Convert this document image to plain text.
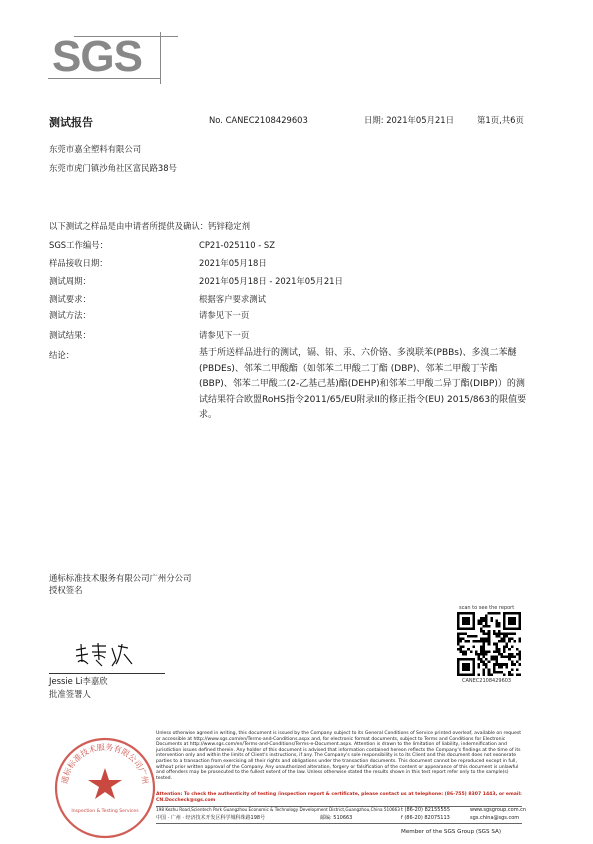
SGS
测试报告	No. CANEC2108429603	日期: 2021年05月21日	第1页,共6页
东莞市嘉全塑料有限公司
东莞市虎门镇沙角社区富民路38号
以下测试之样品是由申请者所提供及确认：钙锌稳定剂
SGS工作编号：	CP21-025110 - SZ
样品接收日期：	2021年05月18日
测试周期：	2021年05月18日 - 2021年05月21日
测试要求：	根据客户要求测试
测试方法：	请参见下一页
测试结果：	请参见下一页
结论：	基于所送样品进行的测试，镉、铅、汞、六价铬、多溴联苯(PBBs)、多溴二苯醚(PBDEs)、邻苯二甲酸酯（如邻苯二甲酸二丁酯 (DBP)、邻苯二甲酸丁苄酯(BBP)、邻苯二甲酸二(2-乙基己基)酯(DEHP)和邻苯二甲酸二异丁酯(DIBP)）的测试结果符合欧盟RoHS指令2011/65/EU附录II的修正指令(EU) 2015/863的限值要求。
通标标准技术服务有限公司广州分公司
授权签名
Jessie Li李嘉欣
批准签署人
scan to see the report
CANEC2108429603
通标标准技术服务有限公司广州
Inspection & Testing Services
Unless otherwise agreed in writing, this document is issued by the Company subject to its General Conditions of Service printed overleaf, available on request or accessible at http://www.sgs.com/en/Terms-and-Conditions.aspx and, for electronic format documents, subject to Terms and Conditions for Electronic Documents at http://www.sgs.com/en/Terms-and-Conditions/Terms-e-Document.aspx. Attention is drawn to the limitation of liability, indemnification and jurisdiction issues defined therein. Any holder of this document is advised that information contained hereon reflects the Company's findings at the time of its intervention only and within the limits of Client's instructions, if any. The Company's sole responsibility is to its Client and this document does not exonerate parties to a transaction from exercising all their rights and obligations under the transaction documents. This document cannot be reproduced except in full, without prior written approval of the Company. Any unauthorized alteration, forgery or falsification of the content or appearance of this document is unlawful and offenders may be prosecuted to the fullest extent of the law. Unless otherwise stated the results shown in this test report refer only to the sample(s) tested.
Attention: To check the authenticity of testing /inspection report & certificate, please contact us at telephone: (86-755) 8307 1443, or email: CN.Doccheck@sgs.com
198 Kezhu Road,Scientech Park Guangzhou Economic & Technology Development District,Guangzhou,China 510663 t (86-20) 82155555
f (86-20) 82075113
www.sgsgroup.com.cn
中国 · 广州 · 经济技术开发区科学城科珠路198号	邮编: 510663	sgs.china@sgs.com
Member of the SGS Group (SGS SA)
